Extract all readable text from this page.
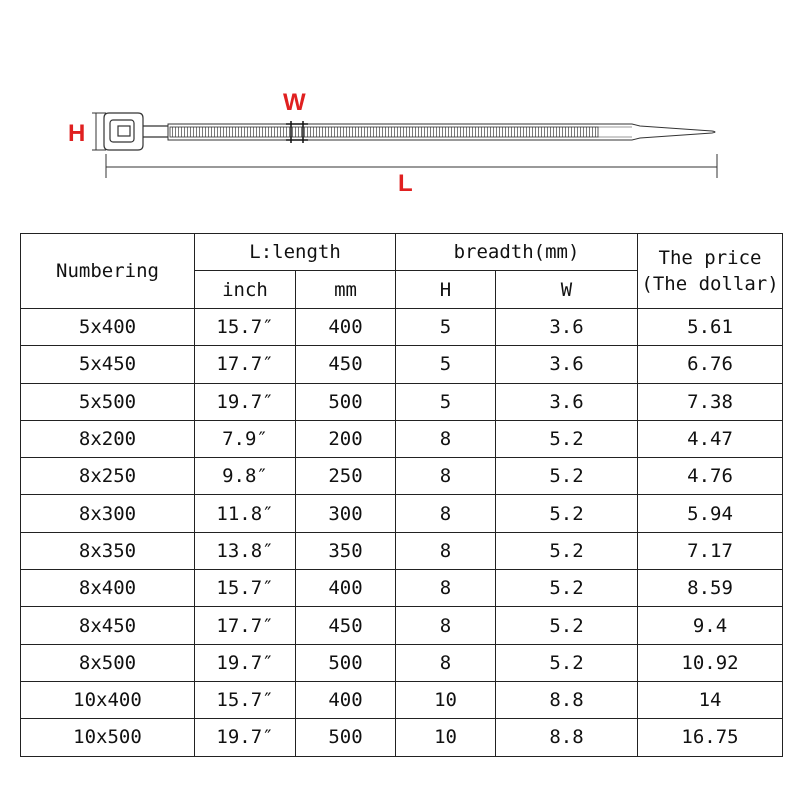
H
W
L
Numbering	L:length		breadth(mm)		The price
(The dollar)
	inch	mm	H	W	
5x400	15.7″	400	5	3.6	5.61
5x450	17.7″	450	5	3.6	6.76
5x500	19.7″	500	5	3.6	7.38
8x200	7.9″	200	8	5.2	4.47
8x250	9.8″	250	8	5.2	4.76
8x300	11.8″	300	8	5.2	5.94
8x350	13.8″	350	8	5.2	7.17
8x400	15.7″	400	8	5.2	8.59
8x450	17.7″	450	8	5.2	9.4
8x500	19.7″	500	8	5.2	10.92
10x400	15.7″	400	10	8.8	14
10x500	19.7″	500	10	8.8	16.75
